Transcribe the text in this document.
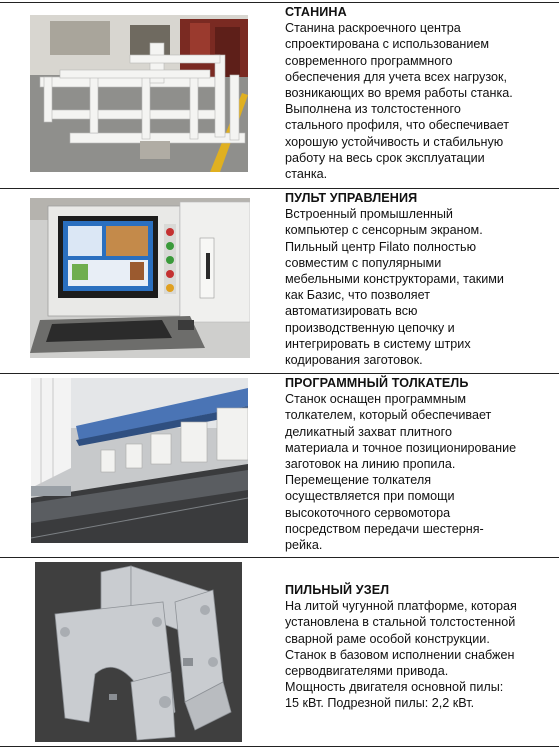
СТАНИНА
Станина раскроечного центра
спроектирована с использованием
современного программного
обеспечения для учета всех нагрузок,
возникающих во время работы станка.
Выполнена из толстостенного
стального профиля, что обеспечивает
хорошую устойчивость и стабильную
работу на весь срок эксплуатации
станка.
ПУЛЬТ УПРАВЛЕНИЯ
Встроенный промышленный
компьютер с сенсорным экраном.
Пильный центр Filato полностью
совместим с популярными
мебельными конструкторами, такими
как Базис, что позволяет
автоматизировать всю
производственную цепочку и
интегрировать в систему штрих
кодирования заготовок.
ПРОГРАММНЫЙ ТОЛКАТЕЛЬ
Станок оснащен программным
толкателем, который обеспечивает
деликатный захват плитного
материала и точное позиционирование
заготовок на линию пропила.
Перемещение толкателя
осуществляется при помощи
высокоточного сервомотора
посредством передачи шестерня-
рейка.
ПИЛЬНЫЙ УЗЕЛ
На литой чугунной платформе, которая
установлена в стальной толстостенной
сварной раме особой конструкции.
Станок в базовом исполнении снабжен
серводвигателями привода.
Мощность двигателя основной пилы:
15 кВт. Подрезной пилы: 2,2 кВт.
